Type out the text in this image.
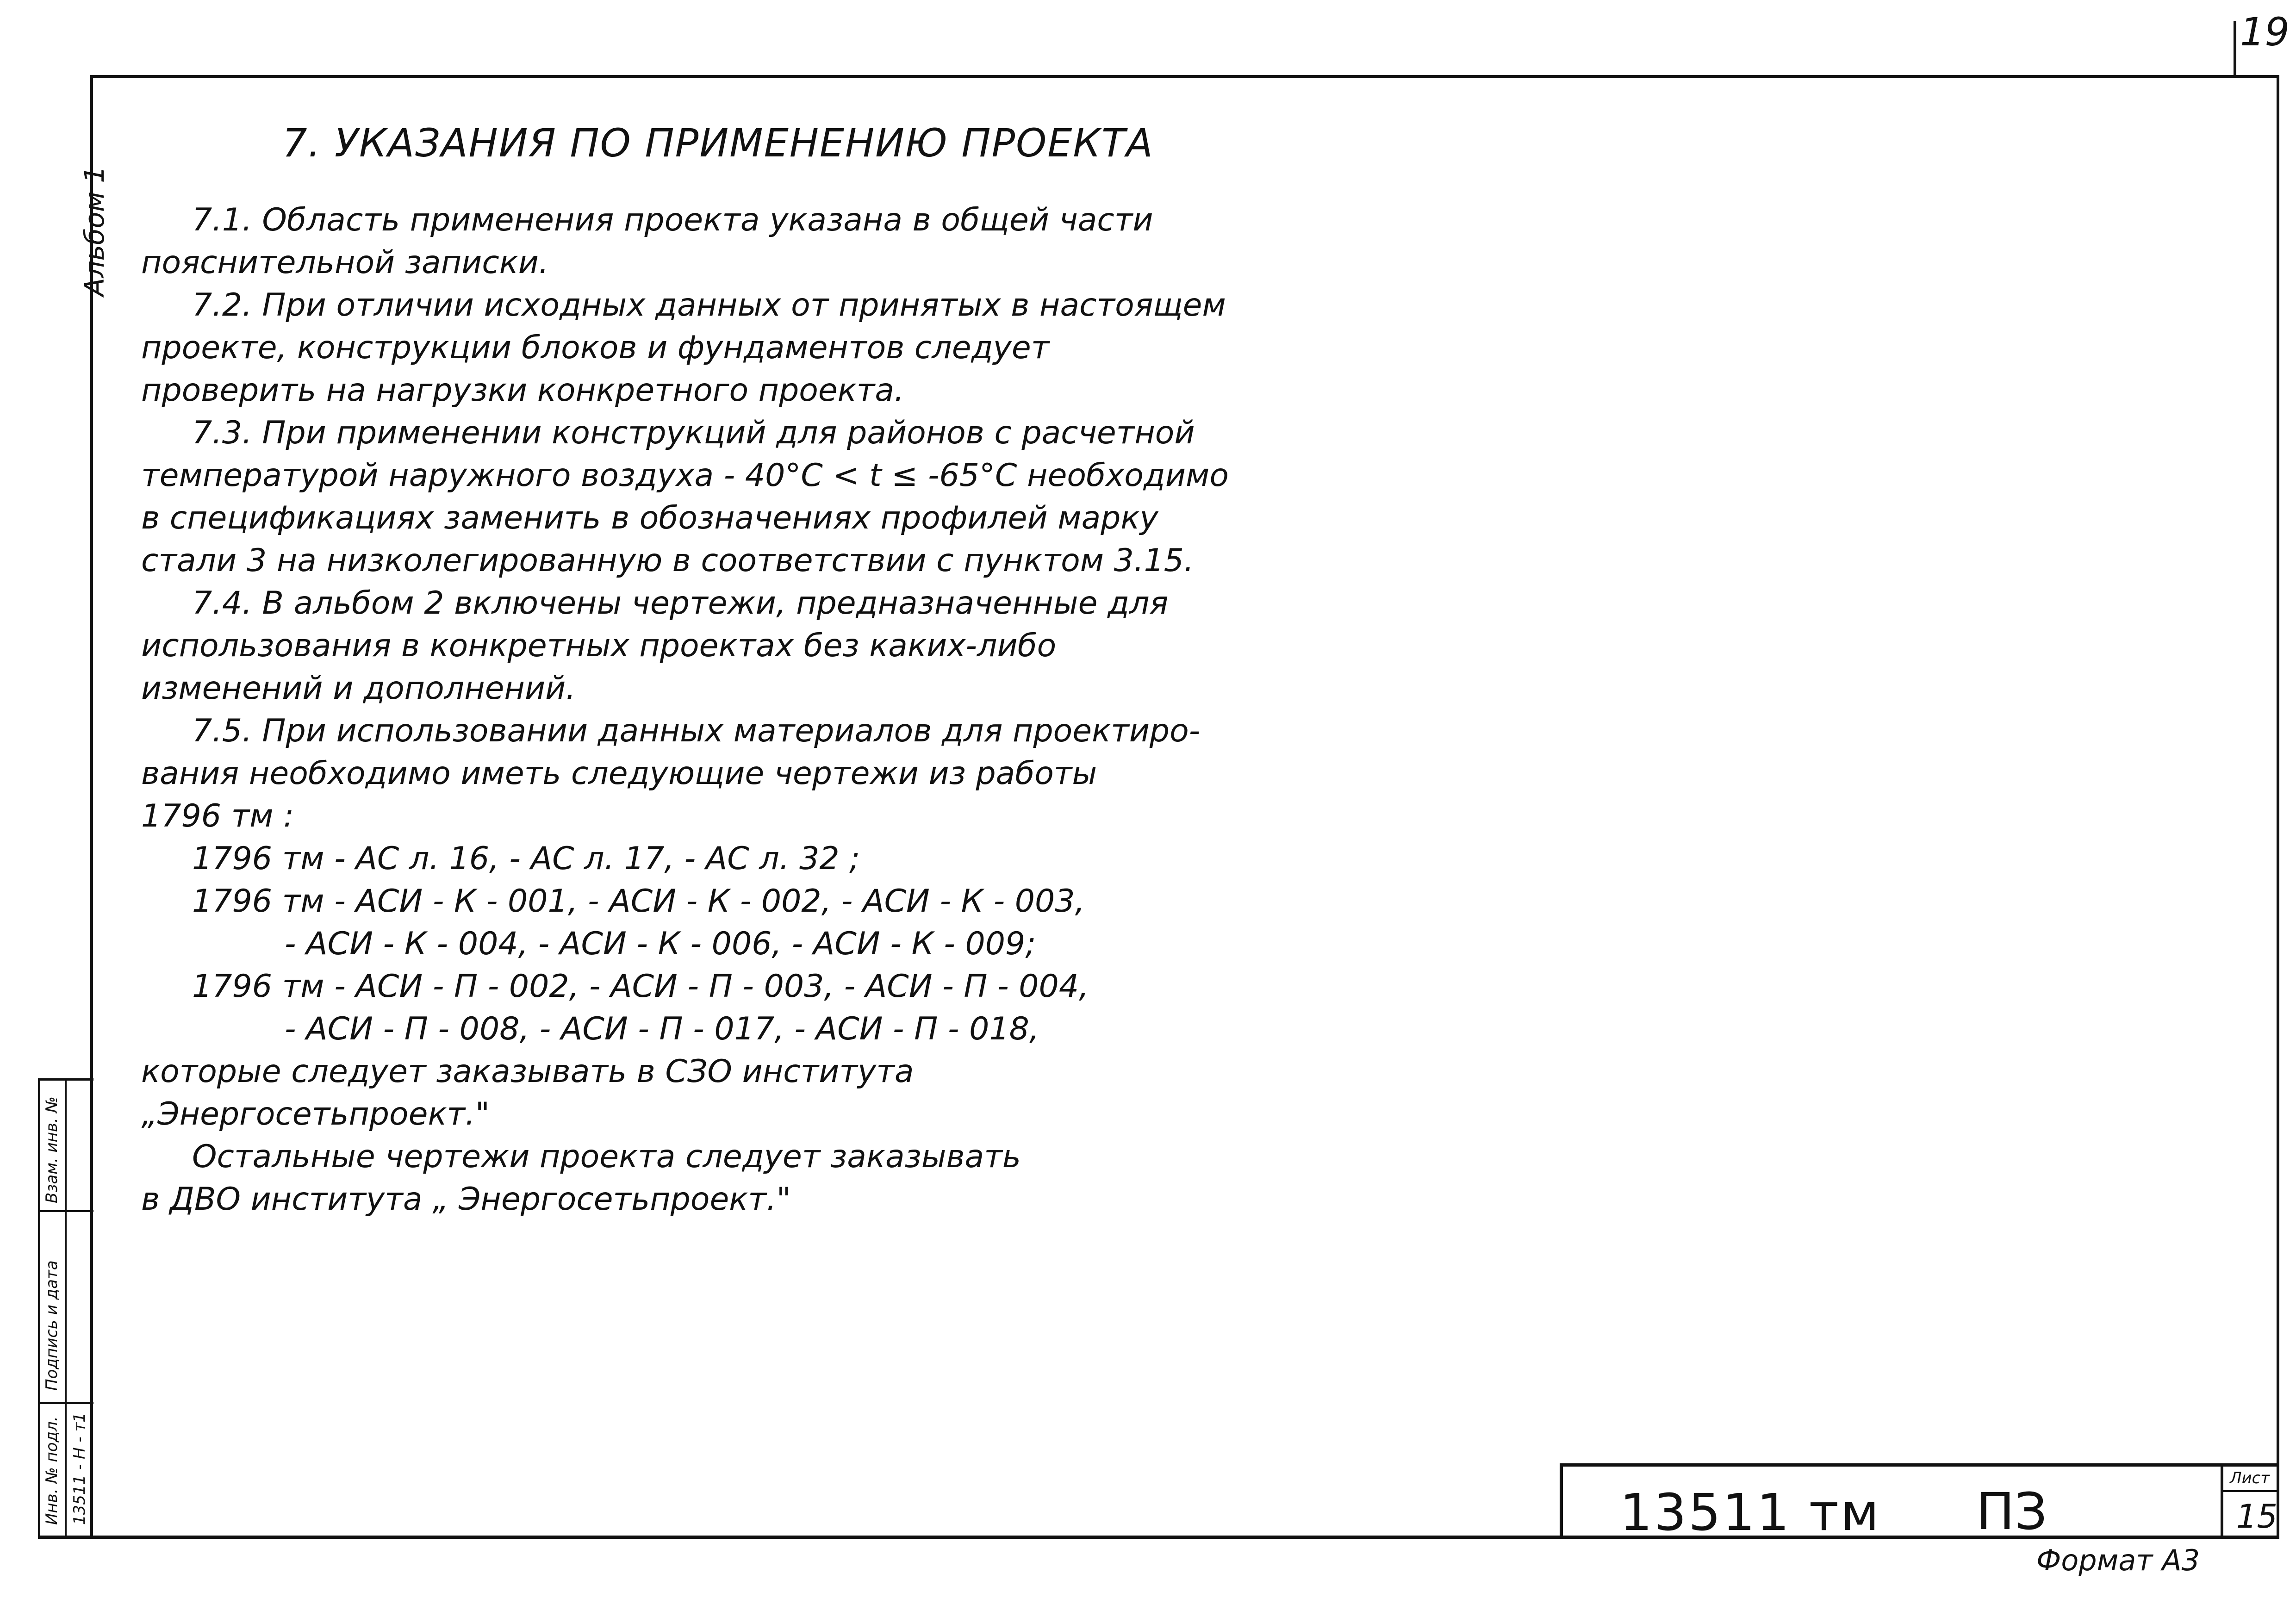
19
Альбом 1
7. УКАЗАНИЯ ПО ПРИМЕНЕНИЮ ПРОЕКТА
7.1. Область применения проекта указана в общей части
пояснительной записки.
7.2. При отличии исходных данных от принятых в настоящем
проекте, конструкции блоков и фундаментов следует
проверить на нагрузки конкретного проекта.
7.3. При применении конструкций для районов с расчетной
температурой наружного воздуха - 40°С < t ≤ -65°С необходимо
в спецификациях заменить в обозначениях профилей марку
стали 3 на низколегированную в соответствии с пунктом 3.15.
7.4. В альбом 2 включены чертежи, предназначенные для
использования в конкретных проектах без каких-либо
изменений и дополнений.
7.5. При использовании данных материалов для проектиро-
вания необходимо иметь следующие чертежи из работы
1796 тм :
1796 тм - АС л. 16, - АС л. 17, - АС л. 32 ;
1796 тм - АСИ - К - 001, - АСИ - К - 002, - АСИ - К - 003,
- АСИ - К - 004, - АСИ - К - 006, - АСИ - К - 009;
1796 тм - АСИ - П - 002, - АСИ - П - 003, - АСИ - П - 004,
- АСИ - П - 008, - АСИ - П - 017, - АСИ - П - 018,
которые следует заказывать в СЗО института
„Энергосетьпроект."
Остальные чертежи проекта следует заказывать
в ДВО института „ Энергосетьпроект."
Взам. инв. №
Подпись и дата
Инв. № подл. 13511 - Н - т1	13511 тм ПЗ
Лист
15
Формат А3
